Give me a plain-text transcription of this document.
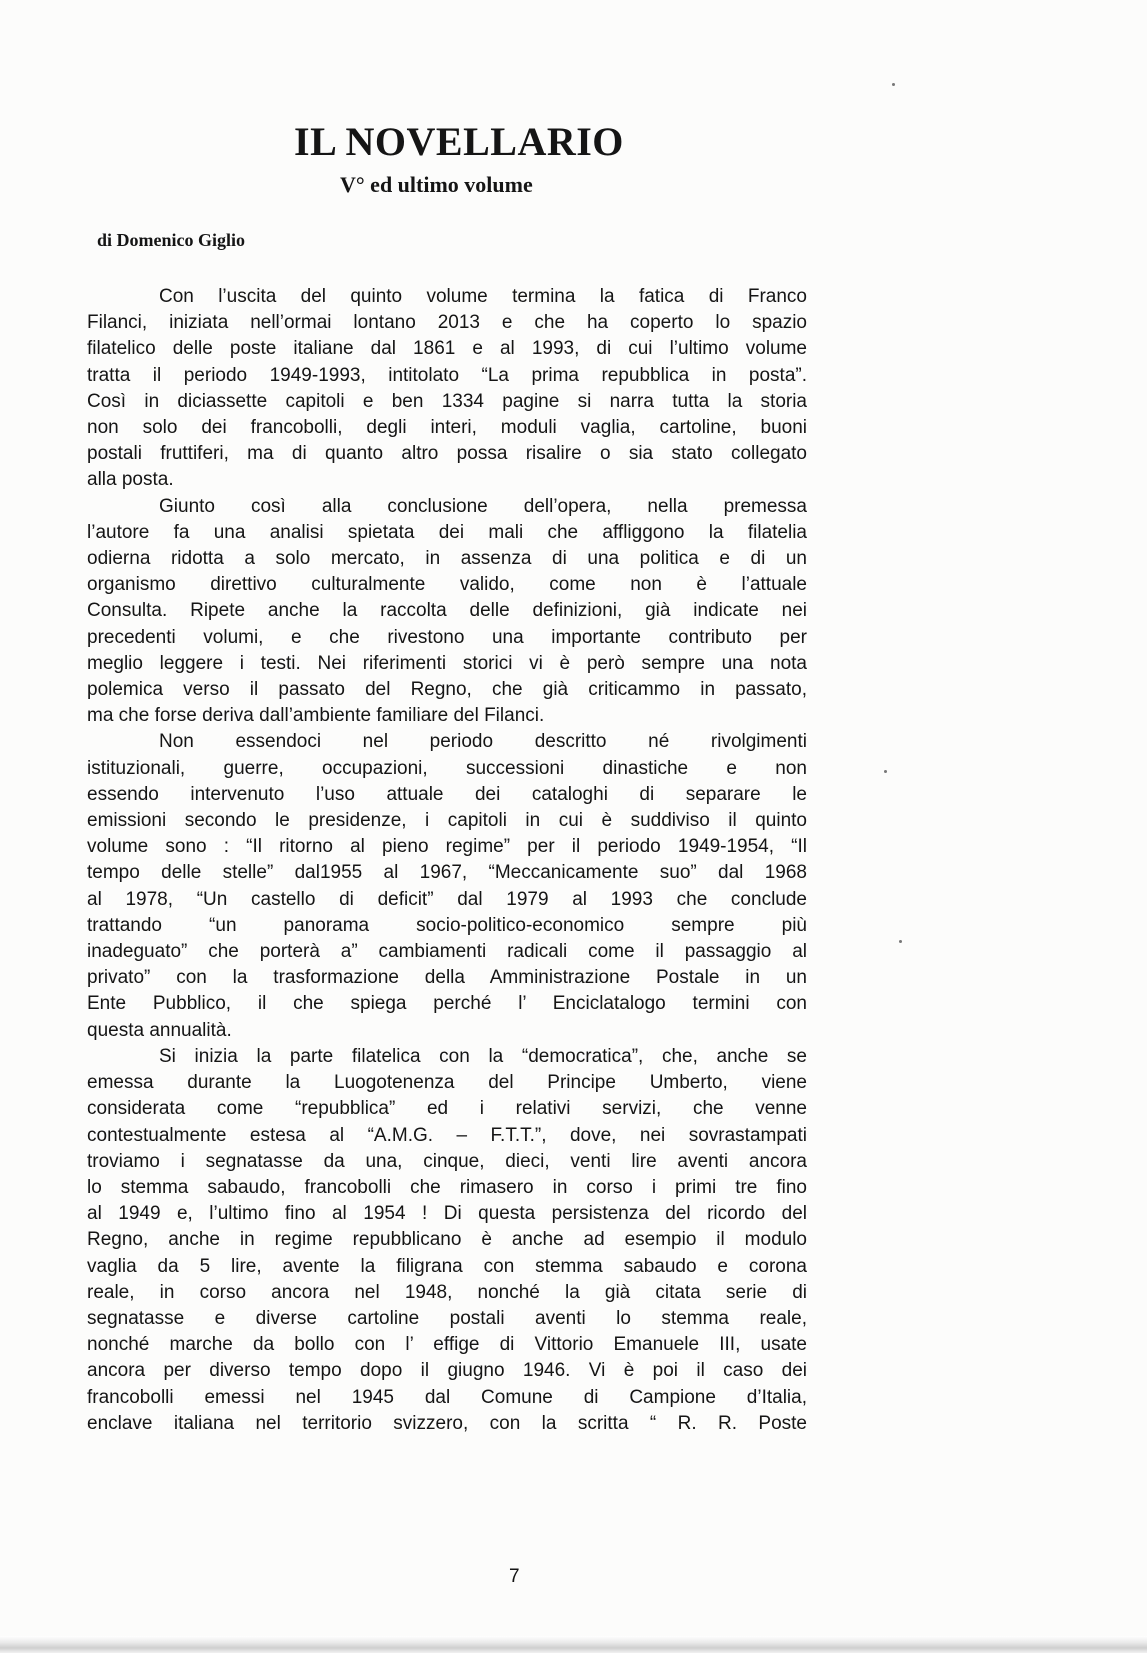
IL NOVELLARIO
V° ed ultimo volume
di Domenico Giglio
Con l’uscita del quinto volume termina la fatica di Franco
Filanci, iniziata nell’ormai lontano 2013 e che ha coperto lo spazio
filatelico delle poste italiane dal 1861 e al 1993, di cui l’ultimo volume
tratta il periodo 1949-1993, intitolato “La prima repubblica in posta”.
Così in diciassette capitoli e ben 1334 pagine si narra tutta la storia
non solo dei francobolli, degli interi, moduli vaglia, cartoline, buoni
postali fruttiferi, ma di quanto altro possa risalire o sia stato collegato
alla posta.
Giunto così alla conclusione dell’opera, nella premessa
l’autore fa una analisi spietata dei mali che affliggono la filatelia
odierna ridotta a solo mercato, in assenza di una politica e di un
organismo direttivo culturalmente valido, come non è l’attuale
Consulta. Ripete anche la raccolta delle definizioni, già indicate nei
precedenti volumi, e che rivestono una importante contributo per
meglio leggere i testi. Nei riferimenti storici vi è però sempre una nota
polemica verso il passato del Regno, che già criticammo in passato,
ma che forse deriva dall’ambiente familiare del Filanci.
Non essendoci nel periodo descritto né rivolgimenti
istituzionali, guerre, occupazioni, successioni dinastiche e non
essendo intervenuto l’uso attuale dei cataloghi di separare le
emissioni secondo le presidenze, i capitoli in cui è suddiviso il quinto
volume sono : “Il ritorno al pieno regime” per il periodo 1949-1954, “Il
tempo delle stelle” dal1955 al 1967, “Meccanicamente suo” dal 1968
al 1978, “Un castello di deficit” dal 1979 al 1993 che conclude
trattando “un panorama socio-politico-economico sempre più
inadeguato” che porterà a” cambiamenti radicali come il passaggio al
privato” con la trasformazione della Amministrazione Postale in un
Ente Pubblico, il che spiega perché l’ Enciclatalogo termini con
questa annualità.
Si inizia la parte filatelica con la “democratica”, che, anche se
emessa durante la Luogotenenza del Principe Umberto, viene
considerata come “repubblica” ed i relativi servizi, che venne
contestualmente estesa al “A.M.G. – F.T.T.”, dove, nei sovrastampati
troviamo i segnatasse da una, cinque, dieci, venti lire aventi ancora
lo stemma sabaudo, francobolli che rimasero in corso i primi tre fino
al 1949 e, l’ultimo fino al 1954 ! Di questa persistenza del ricordo del
Regno, anche in regime repubblicano è anche ad esempio il modulo
vaglia da 5 lire, avente la filigrana con stemma sabaudo e corona
reale, in corso ancora nel 1948, nonché la già citata serie di
segnatasse e diverse cartoline postali aventi lo stemma reale,
nonché marche da bollo con l’ effige di Vittorio Emanuele III, usate
ancora per diverso tempo dopo il giugno 1946. Vi è poi il caso dei
francobolli emessi nel 1945 dal Comune di Campione d’Italia,
enclave italiana nel territorio svizzero, con la scritta “ R. R. Poste
7
